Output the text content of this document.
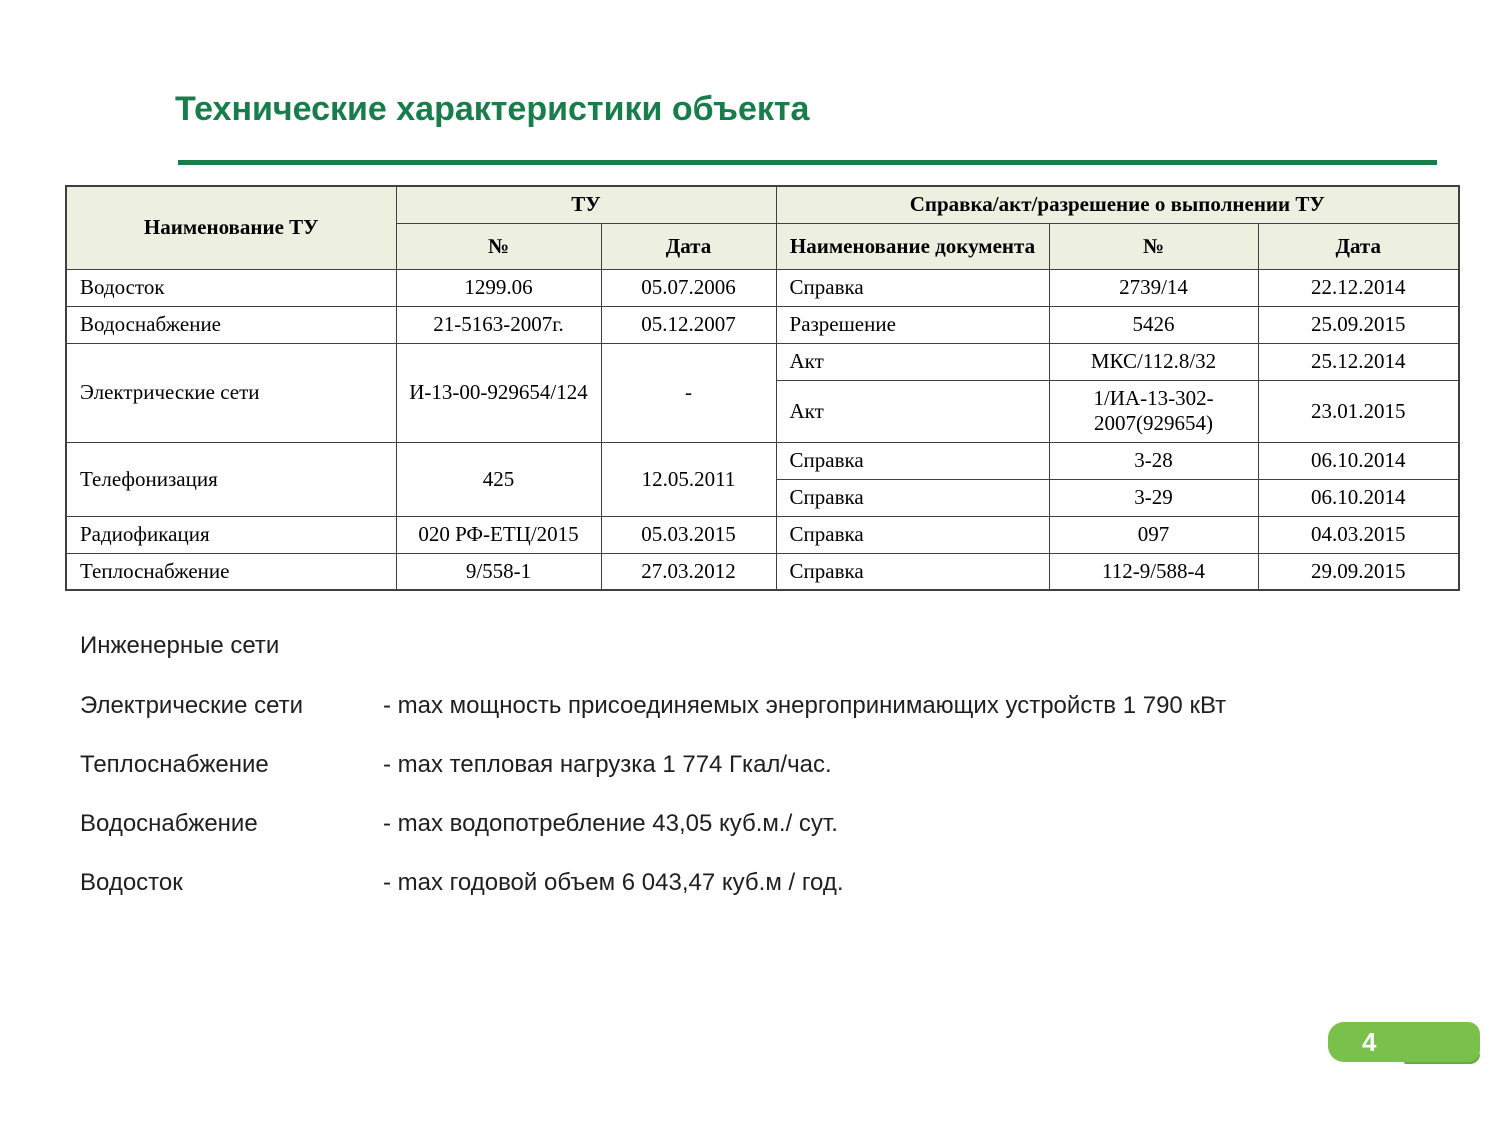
Технические характеристики объекта
Наименование ТУ	ТУ		Справка/акт/разрешение о выполнении ТУ		
	№	Дата	Наименование документа	№	Дата
Водосток	1299.06	05.07.2006	Справка	2739/14	22.12.2014
Водоснабжение	21-5163-2007г.	05.12.2007	Разрешение	5426	25.09.2015
Электрические сети	И-13-00-929654/124	-	Акт	МКС/112.8/32	25.12.2014
			Акт	1/ИА-13-302-2007(929654)	23.01.2015
Телефонизация	425	12.05.2011	Справка	3-28	06.10.2014
			Справка	3-29	06.10.2014
Радиофикация	020 РФ-ЕТЦ/2015	05.03.2015	Справка	097	04.03.2015
Теплоснабжение	9/558-1	27.03.2012	Справка	112-9/588-4	29.09.2015
Инженерные сети
Электрические сети	- max мощность присоединяемых энергопринимающих устройств 1 790 кВт
Теплоснабжение	- max тепловая нагрузка 1 774 Гкал/час.
Водоснабжение	- max водопотребление 43,05 куб.м./ сут.
Водосток	- max годовой объем 6 043,47 куб.м / год.
4
